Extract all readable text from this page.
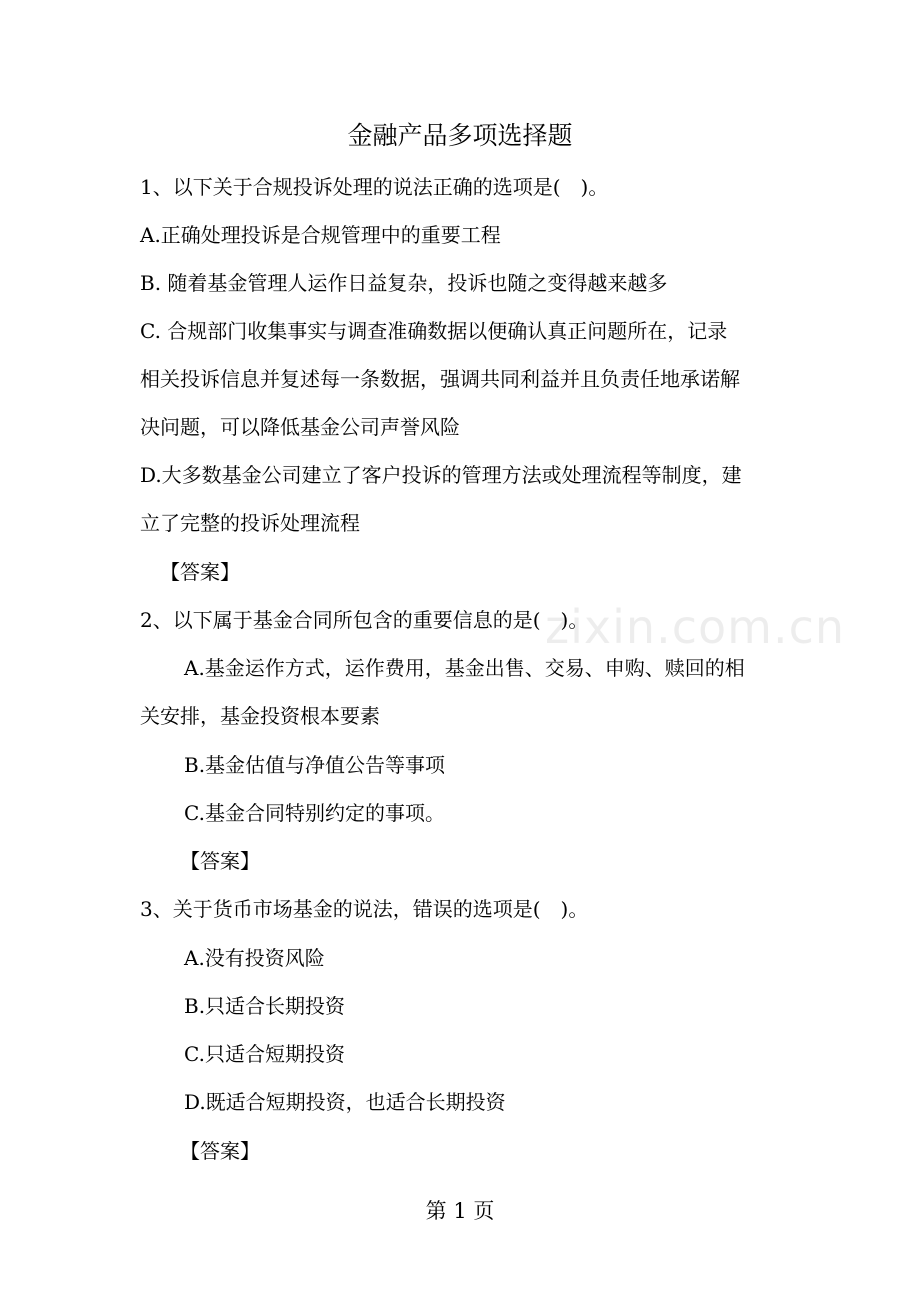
zixin.com.cn
金融产品多项选择题

1、以下关于合规投诉处理的说法正确的选项是(　)。

A.正确处理投诉是合规管理中的重要工程

B. 随着基金管理人运作日益复杂，投诉也随之变得越来越多

C. 合规部门收集事实与调查准确数据以便确认真正问题所在，记录

相关投诉信息并复述每一条数据，强调共同利益并且负责任地承诺解

决问题，可以降低基金公司声誉风险

D.大多数基金公司建立了客户投诉的管理方法或处理流程等制度，建

立了完整的投诉处理流程

【答案】

2、以下属于基金合同所包含的重要信息的是(　)。

A.基金运作方式，运作费用，基金出售、交易、申购、赎回的相

关安排，基金投资根本要素

B.基金估值与净值公告等事项

C.基金合同特别约定的事项。

【答案】

3、关于货币市场基金的说法，错误的选项是(　)。

A.没有投资风险

B.只适合长期投资

C.只适合短期投资

D.既适合短期投资，也适合长期投资

【答案】

第 1 页
